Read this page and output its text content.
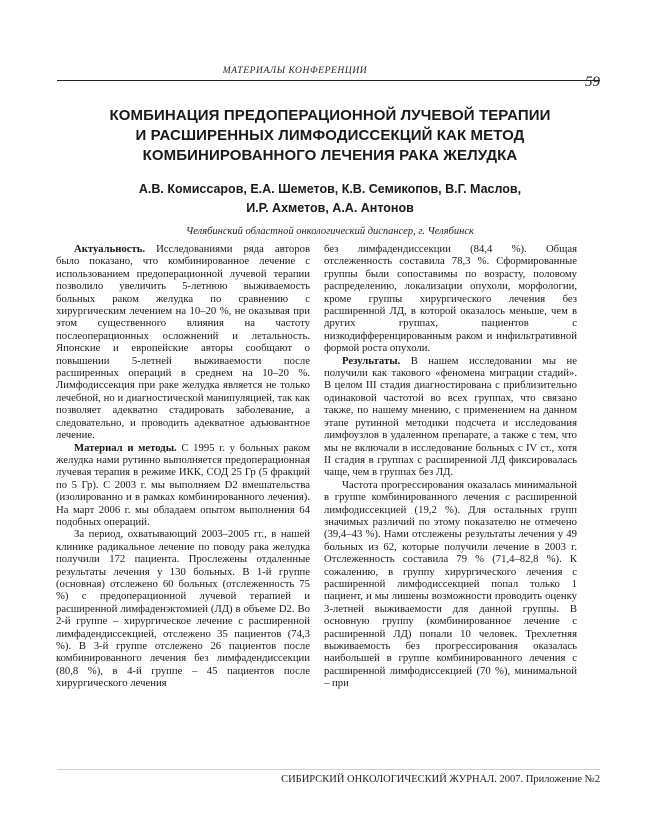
МАТЕРИАЛЫ КОНФЕРЕНЦИИ
59
КОМБИНАЦИЯ ПРЕДОПЕРАЦИОННОЙ ЛУЧЕВОЙ ТЕРАПИИ
И РАСШИРЕННЫХ ЛИМФОДИССЕКЦИЙ КАК МЕТОД
КОМБИНИРОВАННОГО ЛЕЧЕНИЯ РАКА ЖЕЛУДКА
А.В. Комиссаров, Е.А. Шеметов, К.В. Семикопов, В.Г. Маслов,
И.Р. Ахметов, А.А. Антонов
Челябинский областной онкологический диспансер, г. Челябинск

Актуальность. Исследованиями ряда авторов было показано, что комбинированное лечение с использованием предоперационной лучевой терапии позволило увеличить 5-летнюю выживаемость больных раком желудка по сравнению с хирургическим лечением на 10–20 %, не оказывая при этом существенного влияния на частоту послеоперационных осложнений и летальность. Японские и европейские авторы сообщают о повышении 5-летней выживаемости после расширенных операций в среднем на 10–20 %. Лимфодиссекция при раке желудка является не только лечебной, но и диагностической манипуляцией, так как позволяет адекватно стадировать заболевание, а следовательно, и проводить адекватное адъювантное лечение.

Материал и методы. С 1995 г. у больных раком желудка нами рутинно выполняется предоперационная лучевая терапия в режиме ИКК, СОД 25 Гр (5 фракций по 5 Гр). С 2003 г. мы выполняем D2 вмешательства (изолированно и в рамках комбинированного лечения). На март 2006 г. мы обладаем опытом выполнения 64 подобных операций.

За период, охватывающий 2003–2005 гг., в нашей клинике радикальное лечение по поводу рака желудка получили 172 пациента. Прослежены отдаленные результаты лечения у 130 больных. В 1-й группе (основная) отслежено 60 больных (отслеженность 75 %) с предоперационной лучевой терапией и расширенной лимфаденэктомией (ЛД) в объеме D2. Во 2-й группе – хирургическое лечение с расширенной лимфадендиссекцией, отслежено 35 пациентов (74,3 %). В 3-й группе отслежено 26 пациентов после комбинированного лечения без лимфадендиссекции (80,8 %), в 4-й группе – 45 пациентов после хирургического лечения

без лимфадендиссекции (84,4 %). Общая отслеженность составила 78,3 %. Сформированные группы были сопоставимы по возрасту, половому распределению, локализации опухоли, морфологии, кроме группы хирургического лечения без расширенной ЛД, в которой оказалось меньше, чем в других группах, пациентов с низкодифференцированным раком и инфильтративной формой роста опухоли.

Результаты. В нашем исследовании мы не получили как такового «феномена миграции стадий». В целом III стадия диагностирована с приблизительно одинаковой частотой во всех группах, что связано также, по нашему мнению, с применением на данном этапе рутинной методики подсчета и исследования лимфоузлов в удаленном препарате, а также с тем, что мы не включали в исследование больных с IV ст., хотя II стадия в группах с расширенной ЛД фиксировалась чаще, чем в группах без ЛД.

Частота прогрессирования оказалась минимальной в группе комбинированного лечения с расширенной лимфодиссекцией (19,2 %). Для остальных групп значимых различий по этому показателю не отмечено (39,4–43 %). Нами отслежены результаты лечения у 49 больных из 62, которые получили лечение в 2003 г. Отслеженность составила 79 % (71,4–82,8 %). К сожалению, в группу хирургического лечения с расширенной лимфодиссекцией попал только 1 пациент, и мы лишены возможности проводить оценку 3-летней выживаемости для данной группы. В основную группу (комбинированное лечение с расширенной ЛД) попали 10 человек. Трехлетняя выживаемость без прогрессирования оказалась наибольшей в группе комбинированного лечения с расширенной лимфодиссекцией (70 %), минимальной – при

СИБИРСКИЙ ОНКОЛОГИЧЕСКИЙ ЖУРНАЛ. 2007. Приложение №2
